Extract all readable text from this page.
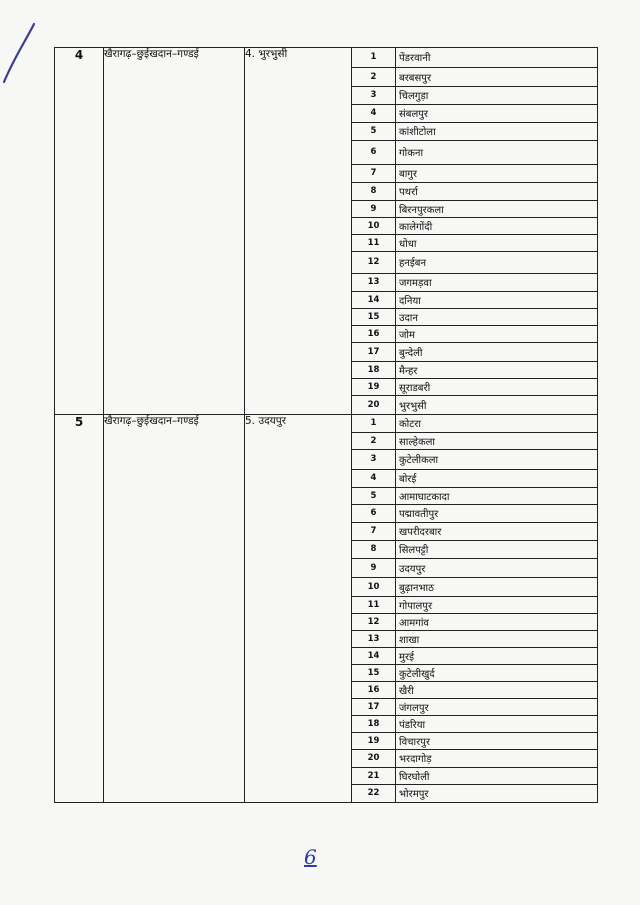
4	खैरागढ़–छुईखदान–गण्डई	4. भुरभुसी		1	पेंडरवानी
2	बरबसपुर
3	चिलगुड़ा
4	संबलपुर
5	कांशीटोला
6	गोकना
7	बागुर
8	पथर्रा
9	बिरनपुरकला
10	कालेगोंदी
11	धोधा
12	हनईबन
13	जगमड़वा
14	दनिया
15	उदान
16	जोम
17	बुन्देली
18	मैन्हर
19	सूराडबरी
20	भुरभुसी

5	खैरागढ़–छुईखदान–गण्डई	5. उदयपुर		1	कोटरा
2	साल्हेकला
3	कुटेलीकला
4	बोरई
5	आमाघाटकादा
6	पद्मावतीपुर
7	खपरीदरबार
8	सिलपट्टी
9	उदयपुर
10	बुढ़ानभाठ
11	गोपालपुर
12	आमगांव
13	शाखा
14	मुरई
15	कुटेलीखुर्द
16	खैरी
17	जंगलपुर
18	पंडरिया
19	विचारपुर
20	भरदागोड़
21	घिरघोली
22	भोरमपुर
6
